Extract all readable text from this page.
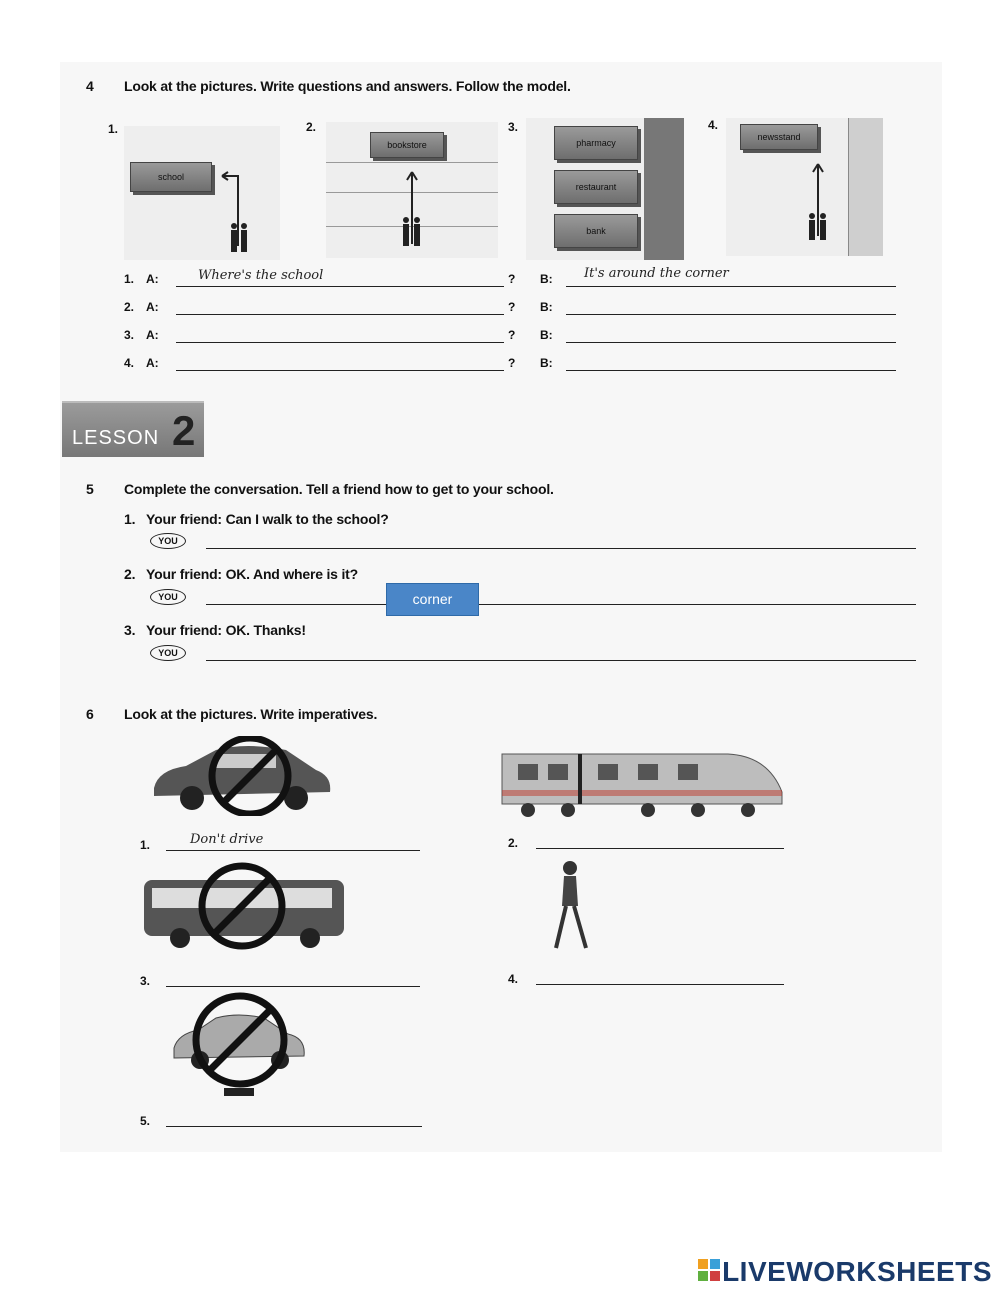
4 Look at the pictures. Write questions and answers. Follow the model.
1.
school
2.
bookstore
3.
pharmacy
restaurant
bank
4.
newsstand
1. A:	Where's the school	? B: It's around the corner
2. A:	? B:
3. A:	? B:
4. A:	? B:
LESSON 2
5 Complete the conversation. Tell a friend how to get to your school.
1. Your friend: Can I walk to the school?
YOU
2. Your friend: OK. And where is it?
YOU	corner
3. Your friend: OK. Thanks!
YOU
6 Look at the pictures. Write imperatives.
1.	Don't drive	2.
3.	4.
5.
LIVEWORKSHEETS
